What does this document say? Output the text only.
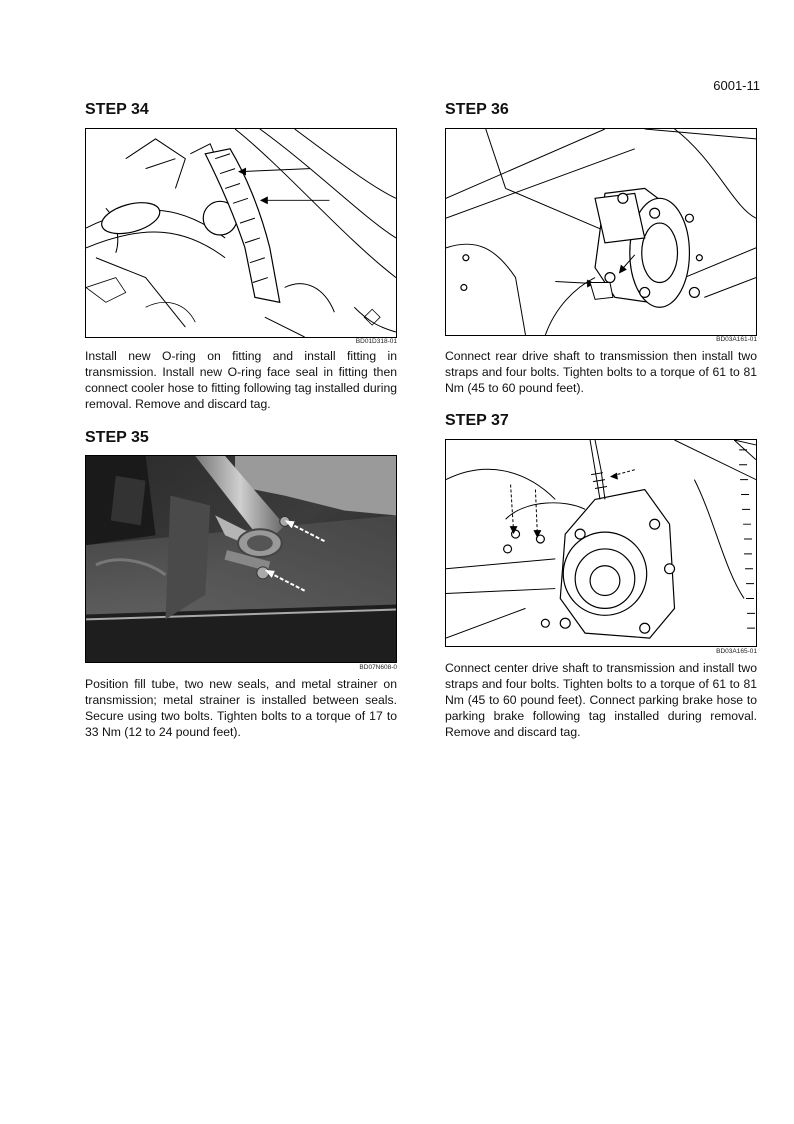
6001-11
STEP 34
BD01D318-01

Install new O-ring on fitting and install fitting in transmission. Install new O-ring face seal in fitting then connect cooler hose to fitting following tag installed during removal. Remove and discard tag.

STEP 35
BD07N608-0

Position fill tube, two new seals, and metal strainer on transmission; metal strainer is installed between seals. Secure using two bolts. Tighten bolts to a torque of 17 to 33 Nm (12 to 24 pound feet).

STEP 36
BD03A161-01

Connect rear drive shaft to transmission then install two straps and four bolts. Tighten bolts to a torque of 61 to 81 Nm (45 to 60 pound feet).

STEP 37
BD03A165-01

Connect center drive shaft to transmission and install two straps and four bolts. Tighten bolts to a torque of 61 to 81 Nm (45 to 60 pound feet). Connect parking brake hose to parking brake following tag installed during removal. Remove and discard tag.
